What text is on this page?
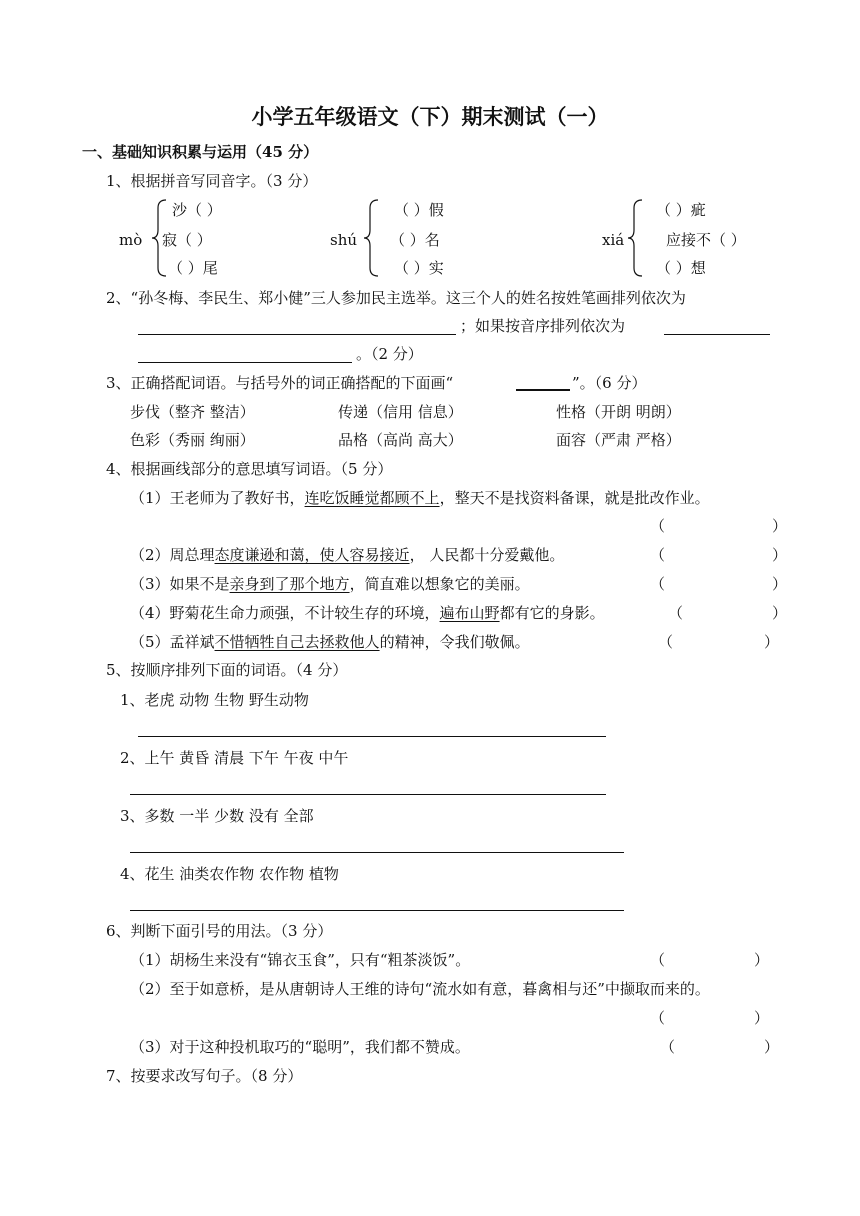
小学五年级语文（下）期末测试（一）
一、基础知识积累与运用（45 分）
1、根据拼音写同音字。（3 分）
mò
沙（ ）
寂（ ）
（ ）尾
shú
（ ）假
（ ）名
（ ）实
xiá
（ ）疵
应接不（ ）
（ ）想
2、“孙冬梅、李民生、郑小健”三人参加民主选举。这三个人的姓名按姓笔画排列依次为
；如果按音序排列依次为
。（2 分）
3、正确搭配词语。与括号外的词正确搭配的下面画“	”。（6 分）
步伐（整齐 整洁）	传递（信用 信息）	性格（开朗 明朗）
色彩（秀丽 绚丽）	品格（高尚 高大）	面容（严肃 严格）
4、根据画线部分的意思填写词语。（5 分）
（1）王老师为了教好书，连吃饭睡觉都顾不上，整天不是找资料备课，就是批改作业。
（	）
（2）周总理态度谦逊和蔼，使人容易接近， 人民都十分爱戴他。	（	）
（3）如果不是亲身到了那个地方，简直难以想象它的美丽。	（	）
（4）野菊花生命力顽强，不计较生存的环境，遍布山野都有它的身影。	（	）
（5）孟祥斌不惜牺牲自己去拯救他人的精神，令我们敬佩。	（	）
5、按顺序排列下面的词语。（4 分）
1、老虎 动物 生物 野生动物
2、上午 黄昏 清晨 下午 午夜 中午
3、多数 一半 少数 没有 全部
4、花生 油类农作物 农作物 植物
6、判断下面引号的用法。（3 分）
（1）胡杨生来没有“锦衣玉食”，只有“粗茶淡饭”。	（	）
（2）至于如意桥，是从唐朝诗人王维的诗句“流水如有意，暮禽相与还”中撷取而来的。
（	）
（3）对于这种投机取巧的“聪明”，我们都不赞成。	（	）
7、按要求改写句子。（8 分）
